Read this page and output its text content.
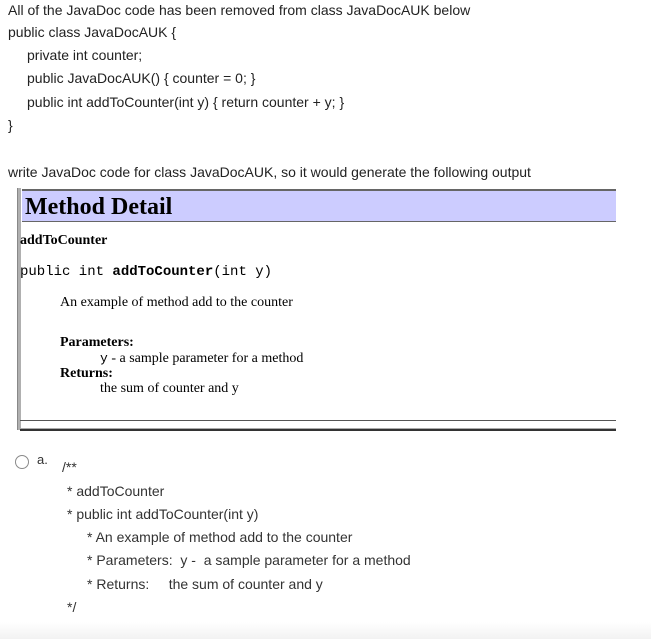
All of the JavaDoc code has been removed from class JavaDocAUK below
public class JavaDocAUK {
private int counter;
public JavaDocAUK() { counter = 0; }
public int addToCounter(int y) { return counter + y; }
}
write JavaDoc code for class JavaDocAUK, so it would generate the following output
Method Detail
addToCounter
public int addToCounter(int y)
An example of method add to the counter
Parameters:
y - a sample parameter for a method
Returns:
the sum of counter and y
a. /**
* addToCounter
* public int addToCounter(int y)
* An example of method add to the counter
* Parameters:  y -  a sample parameter for a method
* Returns:     the sum of counter and y
*/
